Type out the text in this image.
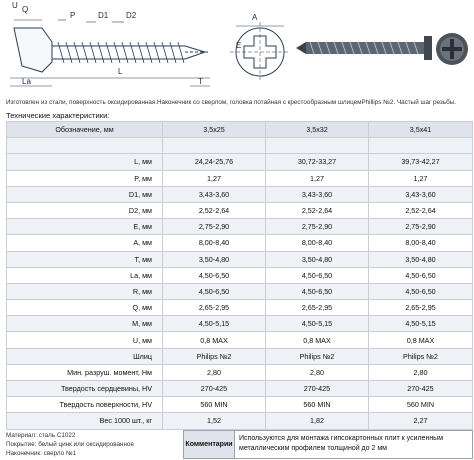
U Q
P	D1 D2	A
E
La
L
T
Изготовлен из стали, поверхность оксидированная.Наконечник со сверлом, головка потайная с крестообразным шлицемPhillips №2. Частый шаг резьбы.
Технические характеристики:
Обозначение, мм	3,5х25	3,5х32	3,5х41

L, мм	24,24-25,76	30,72-33,27	39,73-42,27
P, мм	1,27	1,27	1,27
D1, мм	3,43-3,60	3,43-3,60	3,43-3,60
D2, мм	2,52-2,64	2,52-2,64	2,52-2,64
E, мм	2,75-2,90	2,75-2,90	2,75-2,90
A, мм	8,00-8,40	8,00-8,40	8,00-8,40
T, мм	3,50-4,80	3,50-4,80	3,50-4,80
La, мм	4,50-6,50	4,50-6,50	4,50-6,50
R, мм	4,50-6,50	4,50-6,50	4,50-6,50
Q, мм	2,65-2,95	2,65-2,95	2,65-2,95
M, мм	4,50-5,15	4,50-5,15	4,50-5,15
U, мм	0,8 MAX	0,8 MAX	0,8 MAX
Шлиц	Philips №2	Philips №2	Philips №2
Мин. разруш. момент, Нм	2,80	2,80	2,80
Твердость сердцевины, HV	270-425	270-425	270-425
Твердость поверхности, HV	560 MIN	560 MIN	560 MIN
Вес 1000 шт., кг	1,52	1,82	2,27
Материал: сталь C1022
Покрытие: белый цинк или оксидированное
Наконечник: сверло №1
Комментарии
Используются для монтажа гипсокартонных плит к усиленным металлическим профилем толщиной до 2 мм
